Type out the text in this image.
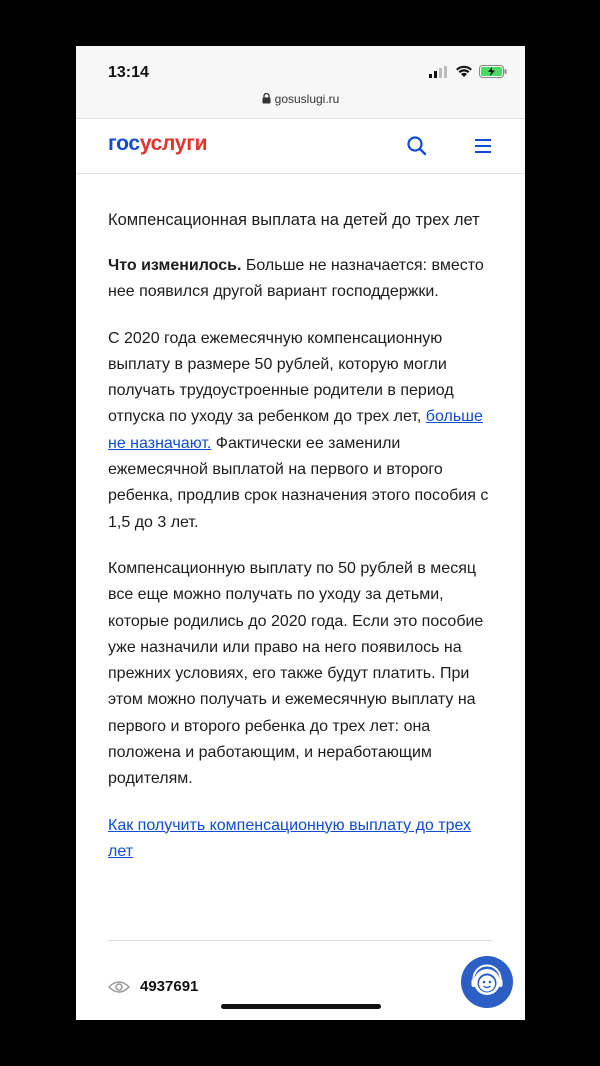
13:14
gosuslugi.ru
госуслуги

Компенсационная выплата на детей до трех лет

Что изменилось. Больше не назначается: вместо нее появился другой вариант господдержки.

С 2020 года ежемесячную компенсационную выплату в размере 50 рублей, которую могли получать трудоустроенные родители в период отпуска по уходу за ребенком до трех лет, больше не назначают. Фактически ее заменили ежемесячной выплатой на первого и второго ребенка, продлив срок назначения этого пособия с 1,5 до 3 лет.

Компенсационную выплату по 50 рублей в месяц все еще можно получать по уходу за детьми, которые родились до 2020 года. Если это пособие уже назначили или право на него появилось на прежних условиях, его также будут платить. При этом можно получать и ежемесячную выплату на первого и второго ребенка до трех лет: она положена и работающим, и неработающим родителям.

Как получить компенсационную выплату до трех лет
4937691
